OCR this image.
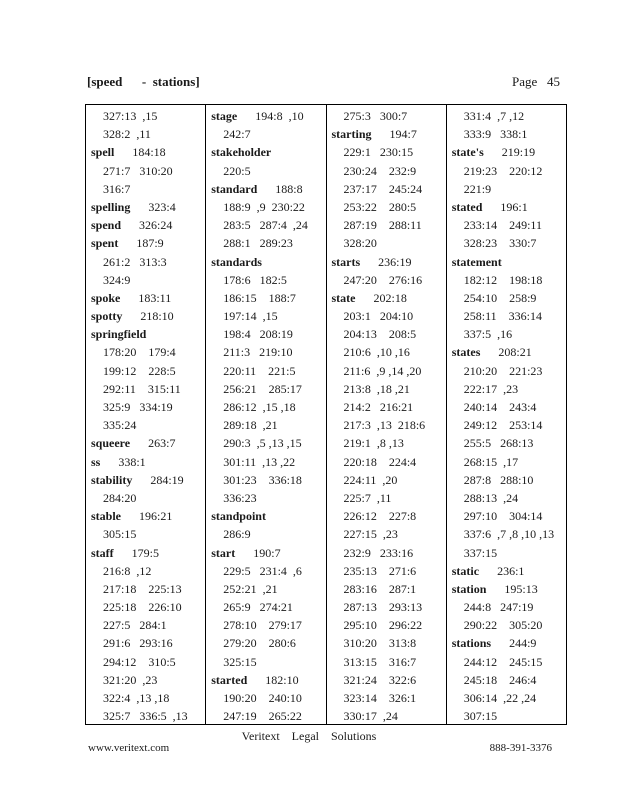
[speed      -  stations]	Page 45
327:13  ,15
328:2  ,11
spell 184:18
271:7   310:20
316:7
spelling 323:4
spend 326:24
spent 187:9
261:2   313:3
324:9
spoke 183:11
spotty 218:10
springfield
178:20    179:4
199:12    228:5
292:11    315:11
325:9   334:19
335:24
squeere 263:7
ss 338:1
stability 284:19
284:20
stable 196:21
305:15
staff 179:5
216:8  ,12
217:18    225:13
225:18    226:10
227:5   284:1
291:6   293:16
294:12    310:5
321:20  ,23
322:4  ,13 ,18
325:7   336:5  ,13
stage 194:8  ,10
242:7
stakeholder
220:5
standard 188:8
188:9  ,9  230:22
283:5   287:4  ,24
288:1   289:23
standards
178:6   182:5
186:15    188:7
197:14  ,15
198:4   208:19
211:3   219:10
220:11    221:5
256:21    285:17
286:12  ,15 ,18
289:18  ,21
290:3  ,5 ,13 ,15
301:11  ,13 ,22
301:23    336:18
336:23
standpoint
286:9
start 190:7
229:5   231:4  ,6
252:21  ,21
265:9   274:21
278:10    279:17
279:20    280:6
325:15
started 182:10
190:20    240:10
247:19    265:22
275:3   300:7
starting 194:7
229:1   230:15
230:24    232:9
237:17    245:24
253:22    280:5
287:19    288:11
328:20
starts 236:19
247:20    276:16
state 202:18
203:1   204:10
204:13    208:5
210:6  ,10 ,16
211:6  ,9 ,14 ,20
213:8  ,18 ,21
214:2   216:21
217:3  ,13  218:6
219:1  ,8 ,13
220:18    224:4
224:11  ,20
225:7  ,11
226:12    227:8
227:15  ,23
232:9   233:16
235:13    271:6
283:16    287:1
287:13    293:13
295:10    296:22
310:20    313:8
313:15    316:7
321:24    322:6
323:14    326:1
330:17  ,24
331:4  ,7 ,12
333:9   338:1
state's 219:19
219:23    220:12
221:9
stated 196:1
233:14    249:11
328:23    330:7
statement
182:12    198:18
254:10    258:9
258:11    336:14
337:5  ,16
states 208:21
210:20    221:23
222:17  ,23
240:14    243:4
249:12    253:14
255:5   268:13
268:15  ,17
287:8   288:10
288:13  ,24
297:10    304:14
337:6  ,7 ,8 ,10 ,13
337:15
static 236:1
station 195:13
244:8   247:19
290:22    305:20
stations 244:9
244:12    245:15
245:18    246:4
306:14  ,22 ,24
307:15
Veritext    Legal    Solutions
www.veritext.com	888-391-3376
